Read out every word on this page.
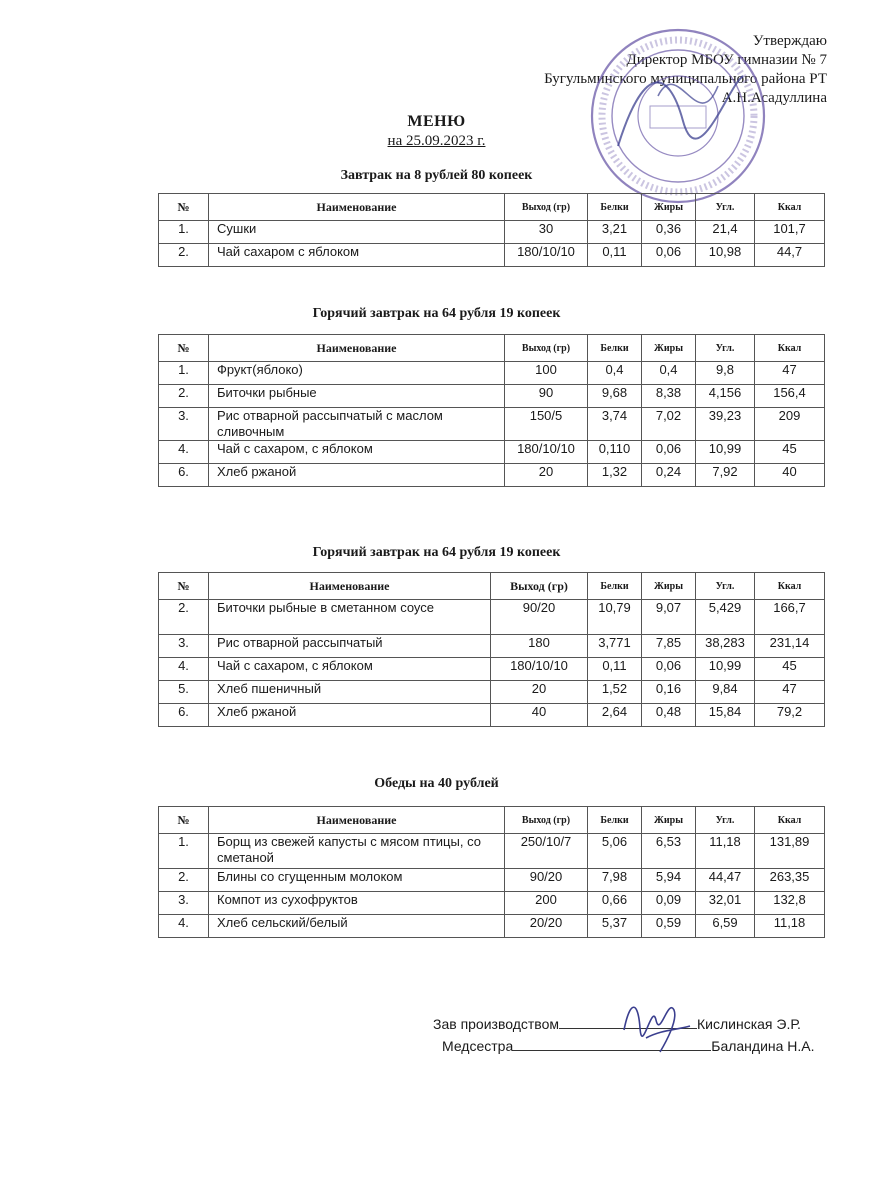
Утверждаю
Директор МБОУ гимназии № 7
Бугульминского муниципального района РТ
А.Н.Асадуллина
МЕНЮ
на 25.09.2023 г.
Завтрак на 8 рублей 80 копеек
№	Наименование	Выход (гр)	Белки	Жиры	Угл.	Ккал
1.	Сушки	30	3,21	0,36	21,4	101,7
2.	Чай сахаром с яблоком	180/10/10	0,11	0,06	10,98	44,7
Горячий завтрак на 64 рубля 19 копеек
№	Наименование	Выход (гр)	Белки	Жиры	Угл.	Ккал
1.	Фрукт(яблоко)	100	0,4	0,4	9,8	47
2.	Биточки рыбные	90	9,68	8,38	4,156	156,4
3.	Рис отварной рассыпчатый с маслом сливочным	150/5	3,74	7,02	39,23	209
4.	Чай с сахаром, с яблоком	180/10/10	0,110	0,06	10,99	45
6.	Хлеб ржаной	20	1,32	0,24	7,92	40
Горячий завтрак на 64 рубля 19 копеек
№	Наименование	Выход (гр)	Белки	Жиры	Угл.	Ккал
2.	Биточки рыбные в сметанном соусе	90/20	10,79	9,07	5,429	166,7
3.	Рис отварной рассыпчатый	180	3,771	7,85	38,283	231,14
4.	Чай с сахаром, с яблоком	180/10/10	0,11	0,06	10,99	45
5.	Хлеб пшеничный	20	1,52	0,16	9,84	47
6.	Хлеб ржаной	40	2,64	0,48	15,84	79,2
Обеды на 40 рублей
№	Наименование	Выход (гр)	Белки	Жиры	Угл.	Ккал
1.	Борщ из свежей капусты с мясом птицы, со сметаной	250/10/7	5,06	6,53	11,18	131,89
2.	Блины со сгущенным молоком	90/20	7,98	5,94	44,47	263,35
3.	Компот из сухофруктов	200	0,66	0,09	32,01	132,8
4.	Хлеб сельский/белый	20/20	5,37	0,59	6,59	11,18
Зав производством	Кислинская Э.Р.
Медсестра	Баландина Н.А.
